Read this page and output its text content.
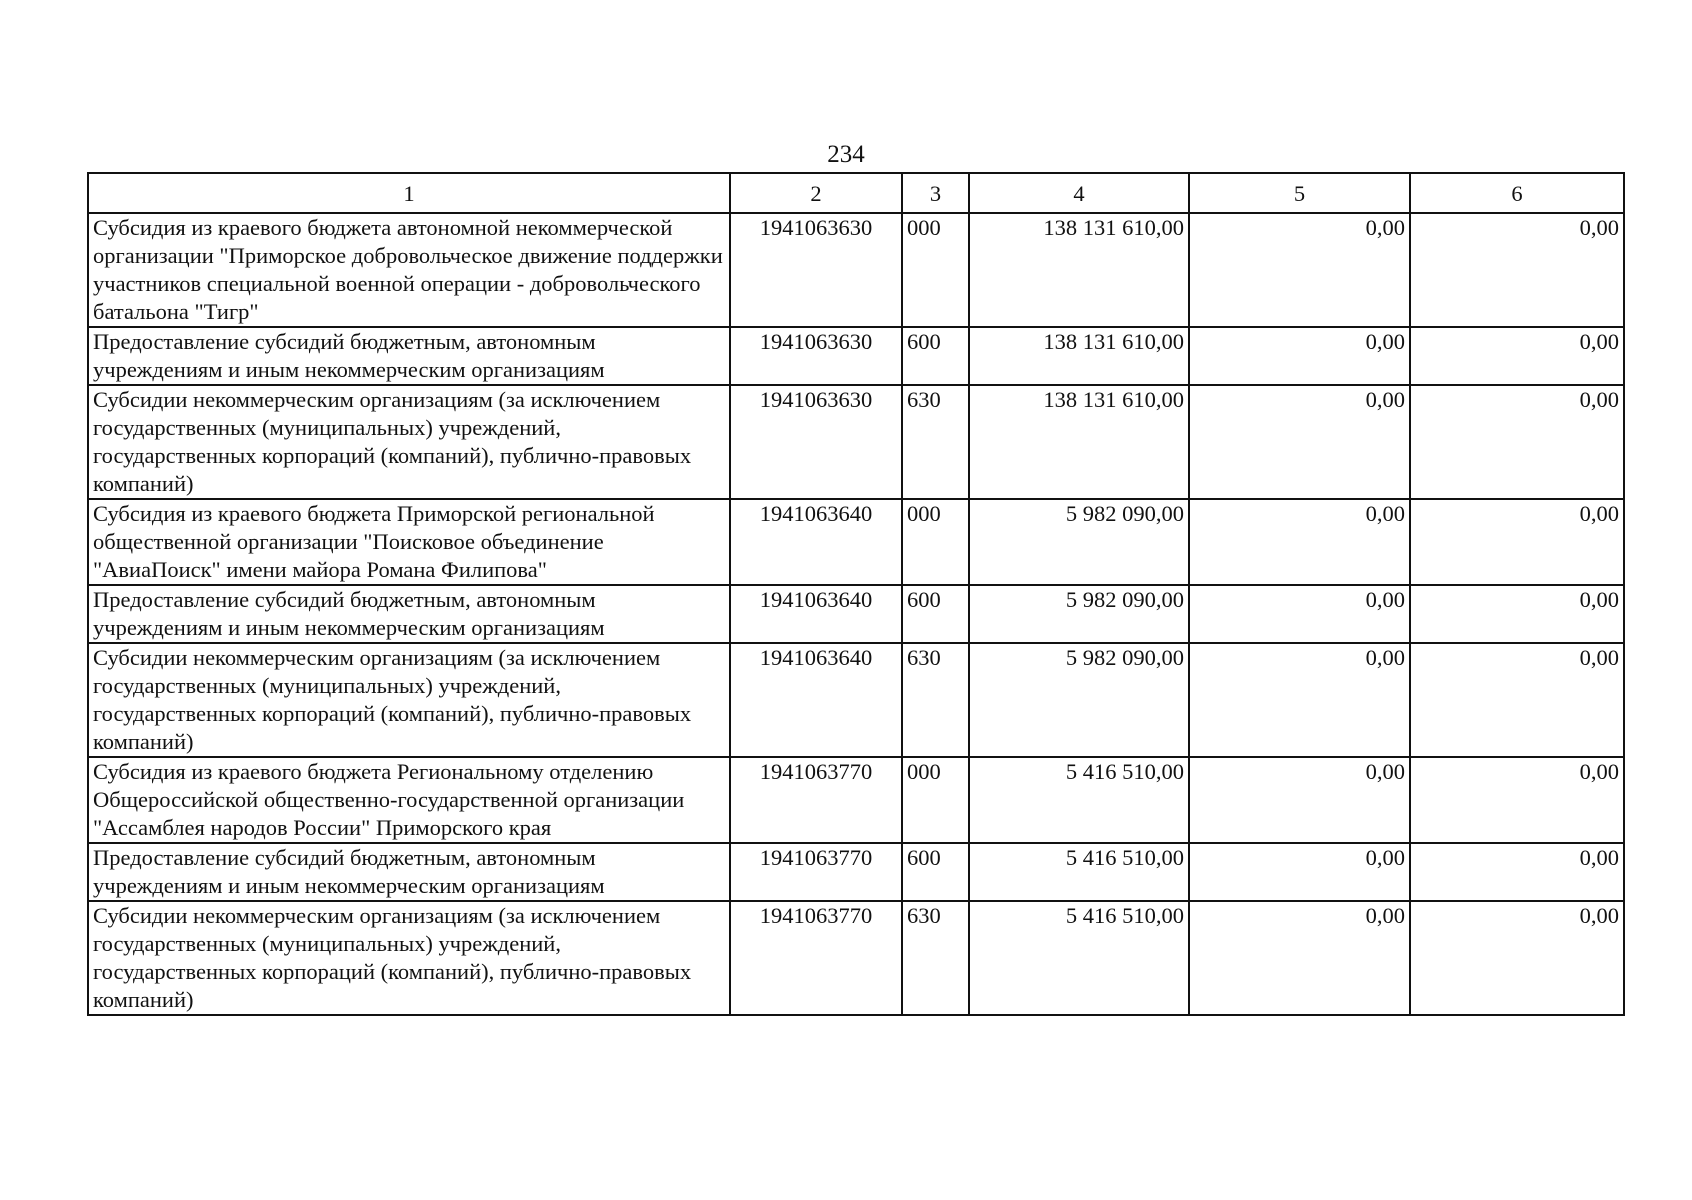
234
1	2	3	4	5	6
Субсидия из краевого бюджета автономной некоммерческой организации "Приморское добровольческое движение поддержки участников специальной военной операции - добровольческого батальона "Тигр"	1941063630	000	138 131 610,00	0,00	0,00
Предоставление субсидий бюджетным, автономным учреждениям и иным некоммерческим организациям	1941063630	600	138 131 610,00	0,00	0,00
Субсидии некоммерческим организациям (за исключением государственных (муниципальных) учреждений, государственных корпораций (компаний), публично-правовых компаний)	1941063630	630	138 131 610,00	0,00	0,00
Субсидия из краевого бюджета Приморской региональной общественной организации "Поисковое объединение "АвиаПоиск" имени майора Романа Филипова"	1941063640	000	5 982 090,00	0,00	0,00
Предоставление субсидий бюджетным, автономным учреждениям и иным некоммерческим организациям	1941063640	600	5 982 090,00	0,00	0,00
Субсидии некоммерческим организациям (за исключением государственных (муниципальных) учреждений, государственных корпораций (компаний), публично-правовых компаний)	1941063640	630	5 982 090,00	0,00	0,00
Субсидия из краевого бюджета Региональному отделению Общероссийской общественно-государственной организации "Ассамблея народов России" Приморского края	1941063770	000	5 416 510,00	0,00	0,00
Предоставление субсидий бюджетным, автономным учреждениям и иным некоммерческим организациям	1941063770	600	5 416 510,00	0,00	0,00
Субсидии некоммерческим организациям (за исключением государственных (муниципальных) учреждений, государственных корпораций (компаний), публично-правовых компаний)	1941063770	630	5 416 510,00	0,00	0,00
